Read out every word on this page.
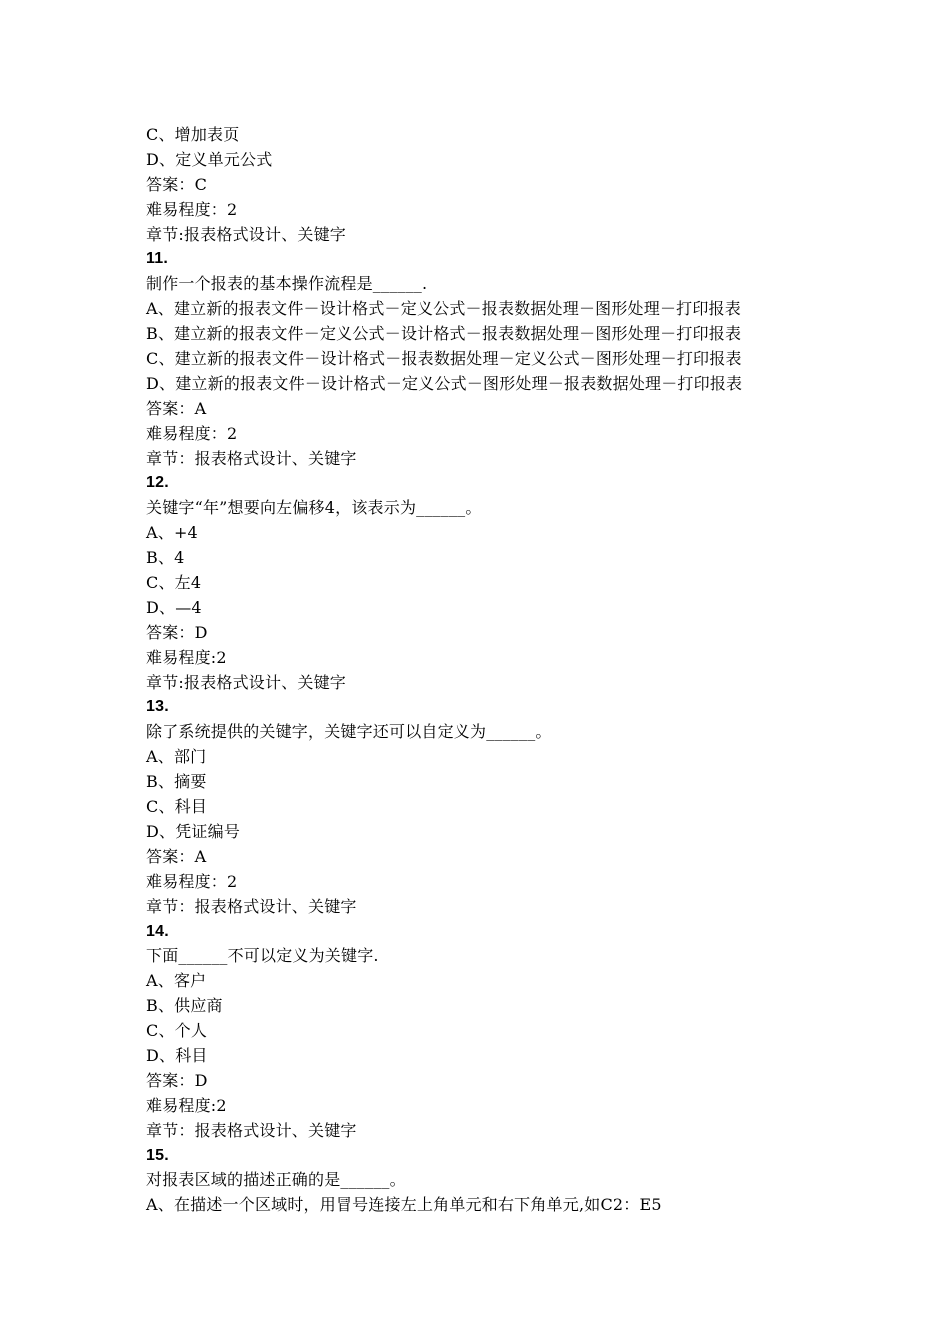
C、增加表页
D、定义单元公式
答案：C
难易程度：2
章节:报表格式设计、关键字
11.
制作一个报表的基本操作流程是______.
A、建立新的报表文件－设计格式－定义公式－报表数据处理－图形处理－打印报表
B、建立新的报表文件－定义公式－设计格式－报表数据处理－图形处理－打印报表
C、建立新的报表文件－设计格式－报表数据处理－定义公式－图形处理－打印报表
D、建立新的报表文件－设计格式－定义公式－图形处理－报表数据处理－打印报表
答案：A
难易程度：2
章节：报表格式设计、关键字
12.
关键字“年”想要向左偏移4，该表示为______。
A、+4
B、4
C、左4
D、—4
答案：D
难易程度:2
章节:报表格式设计、关键字
13.
除了系统提供的关键字，关键字还可以自定义为______。
A、部门
B、摘要
C、科目
D、凭证编号
答案：A
难易程度：2
章节：报表格式设计、关键字
14.
下面______不可以定义为关键字.
A、客户
B、供应商
C、个人
D、科目
答案：D
难易程度:2
章节：报表格式设计、关键字
15.
对报表区域的描述正确的是______。
A、在描述一个区域时，用冒号连接左上角单元和右下角单元,如C2：E5
